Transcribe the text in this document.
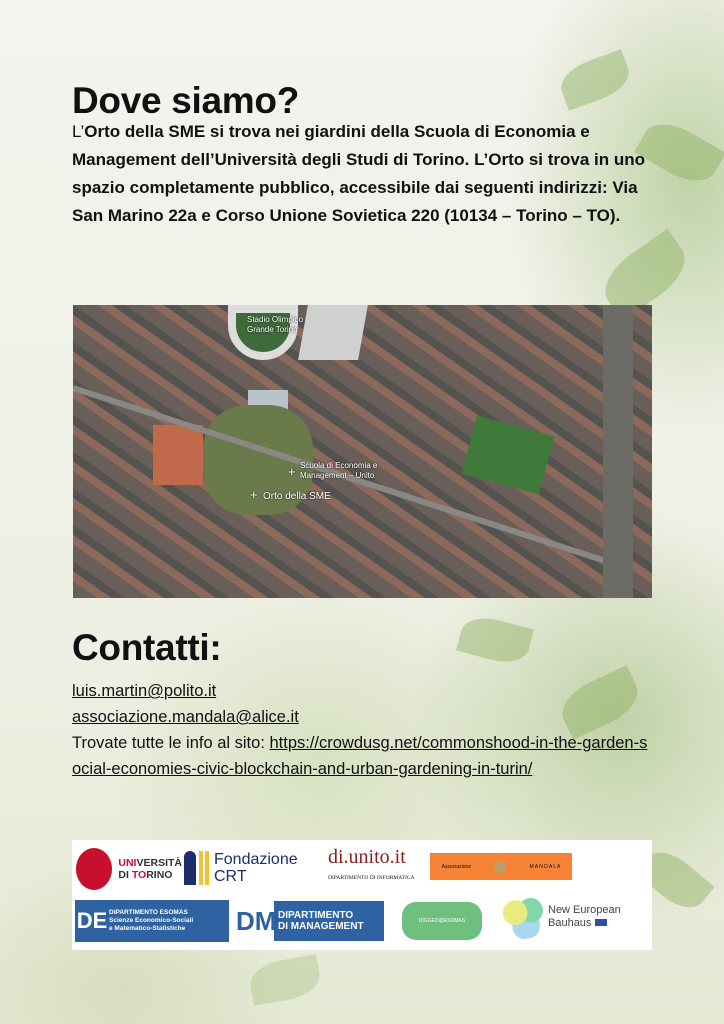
Dove siamo?

L’Orto della SME si trova nei giardini della Scuola di Economia e Management dell’Università degli Studi di Torino. L’Orto si trova in uno spazio completamente pubblico, accessibile dai seguenti indirizzi: Via San Marino 22a e Corso Unione Sovietica 220 (10134 – Torino – TO).

Stadio Olimpico
Grande Torino
+ Scuola di Economia e
Management – Unito
+ Orto della SME
Contatti:
luis.martin@polito.it
associazione.mandala@alice.it
Trovate tutte le info al sito: https://crowdusg.net/commonshood-in-the-garden-social-economies-civic-blockchain-and-urban-gardening-in-turin/
UNIVERSITÀ
DI TORINO
Fondazione
CRT
di.unito.it
DIPARTIMENTO DI INFORMATICA
Associazione	M A N D A L A
DE DIPARTIMENTO ESOMAS
Scienze Economico-Sociali
e Matematico-Statistiche	DM DIPARTIMENTO
DI MANAGEMENT	DIGGEO@ESOMAS
New European
Bauhaus
